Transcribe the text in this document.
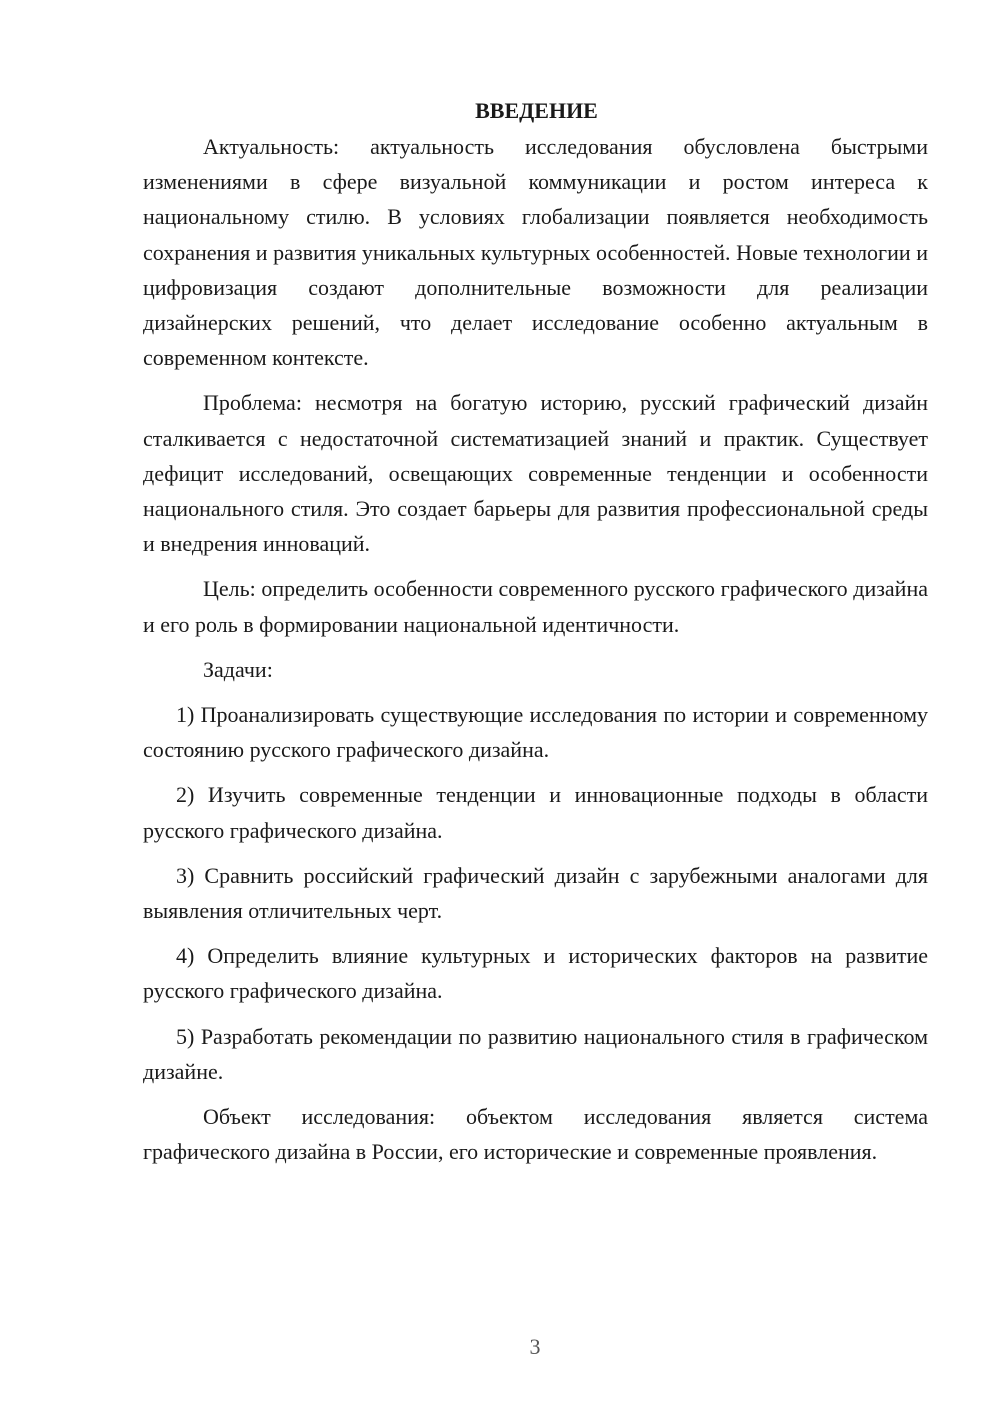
ВВЕДЕНИЕ

Актуальность: актуальность исследования обусловлена быстрыми изменениями в сфере визуальной коммуникации и ростом интереса к национальному стилю. В условиях глобализации появляется необходимость сохранения и развития уникальных культурных особенностей. Новые технологии и цифровизация создают дополнительные возможности для реализации дизайнерских решений, что делает исследование особенно актуальным в современном контексте.

Проблема: несмотря на богатую историю, русский графический дизайн сталкивается с недостаточной систематизацией знаний и практик. Существует дефицит исследований, освещающих современные тенденции и особенности национального стиля. Это создает барьеры для развития профессиональной среды и внедрения инноваций.

Цель: определить особенности современного русского графического дизайна и его роль в формировании национальной идентичности.

Задачи:

1) Проанализировать существующие исследования по истории и современному состоянию русского графического дизайна.

2) Изучить современные тенденции и инновационные подходы в области русского графического дизайна.

3) Сравнить российский графический дизайн с зарубежными аналогами для выявления отличительных черт.

4) Определить влияние культурных и исторических факторов на развитие русского графического дизайна.

5) Разработать рекомендации по развитию национального стиля в графическом дизайне.

Объект исследования: объектом исследования является система графического дизайна в России, его исторические и современные проявления.

3
